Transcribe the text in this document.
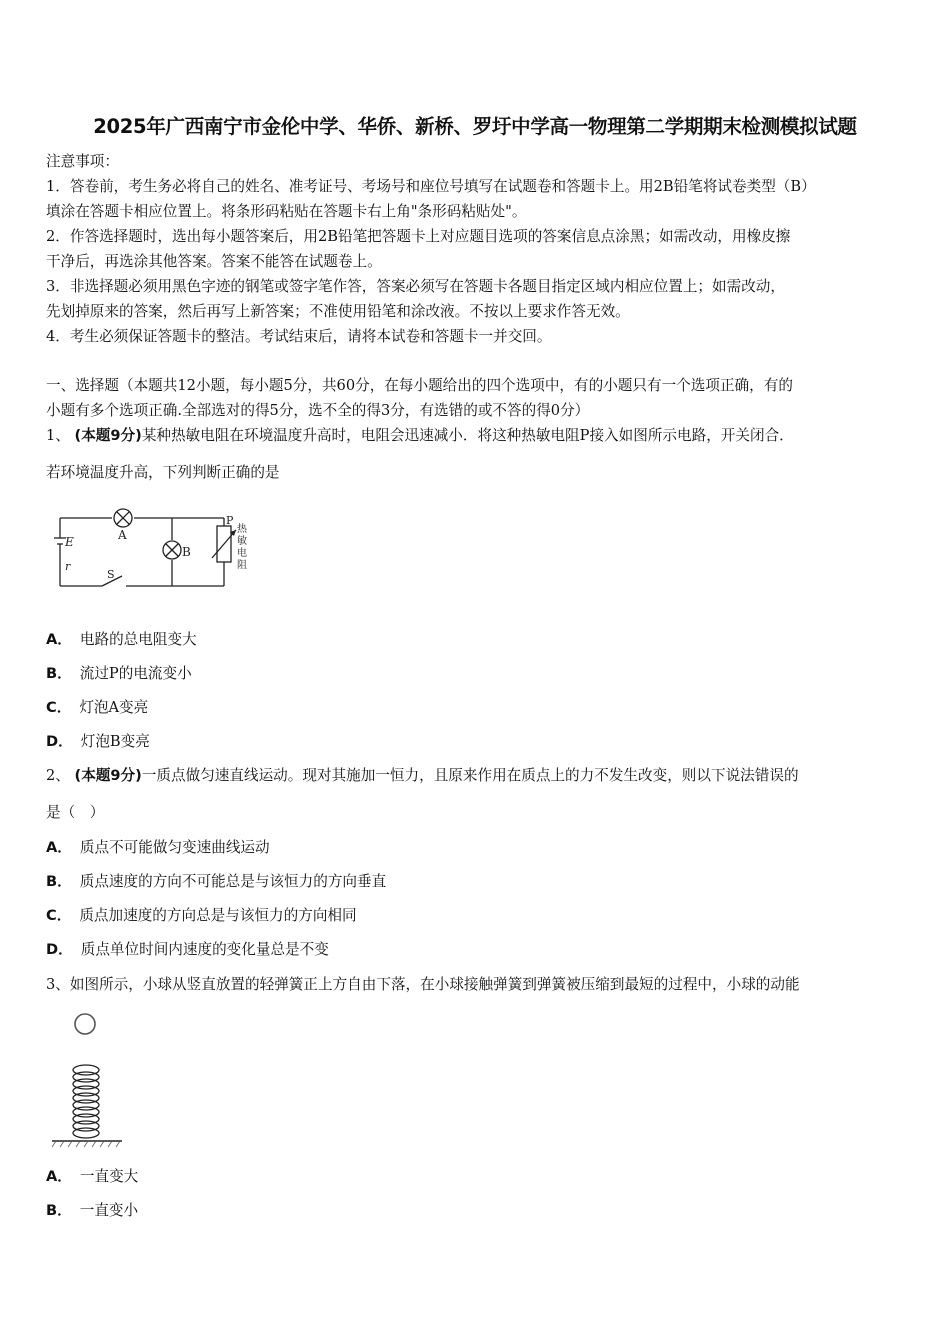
2025年广西南宁市金伦中学、华侨、新桥、罗圩中学高一物理第二学期期末检测模拟试题
注意事项：
1．答卷前，考生务必将自己的姓名、准考证号、考场号和座位号填写在试题卷和答题卡上。用2B铅笔将试卷类型（B）
填涂在答题卡相应位置上。将条形码粘贴在答题卡右上角"条形码粘贴处"。
2．作答选择题时，选出每小题答案后，用2B铅笔把答题卡上对应题目选项的答案信息点涂黑；如需改动，用橡皮擦
干净后，再选涂其他答案。答案不能答在试题卷上。
3．非选择题必须用黑色字迹的钢笔或签字笔作答，答案必须写在答题卡各题目指定区域内相应位置上；如需改动，
先划掉原来的答案，然后再写上新答案；不准使用铅笔和涂改液。不按以上要求作答无效。
4．考生必须保证答题卡的整洁。考试结束后，请将本试卷和答题卡一并交回。
一、选择题（本题共12小题，每小题5分，共60分，在每小题给出的四个选项中，有的小题只有一个选项正确，有的
小题有多个选项正确.全部选对的得5分，选不全的得3分，有选错的或不答的得0分）
1、 (本题9分)某种热敏电阻在环境温度升高时，电阻会迅速减小．将这种热敏电阻P接入如图所示电路，开关闭合．
若环境温度升高，下列判断正确的是
A
B
E
r
S
P
热
敏
电
阻
A． 电路的总电阻变大
B． 流过P的电流变小
C． 灯泡A变亮
D． 灯泡B变亮
2、 (本题9分)一质点做匀速直线运动。现对其施加一恒力，且原来作用在质点上的力不发生改变，则以下说法错误的
是（　）
A． 质点不可能做匀变速曲线运动
B． 质点速度的方向不可能总是与该恒力的方向垂直
C． 质点加速度的方向总是与该恒力的方向相同
D． 质点单位时间内速度的变化量总是不变
3、如图所示，小球从竖直放置的轻弹簧正上方自由下落，在小球接触弹簧到弹簧被压缩到最短的过程中，小球的动能
A． 一直变大
B． 一直变小
